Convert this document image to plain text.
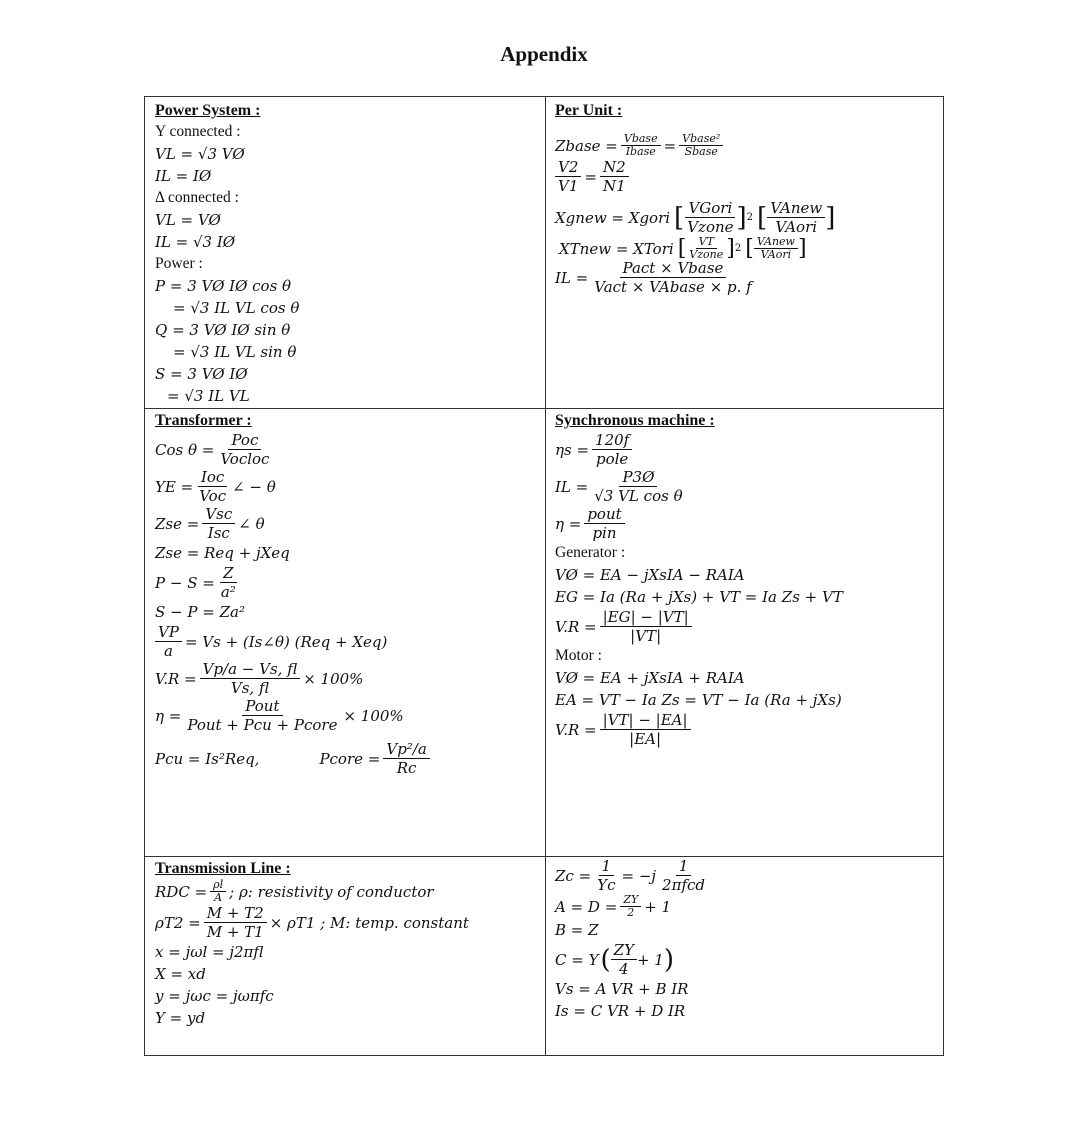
Appendix
Power System :
Y connected :
VL = √3 VØ
IL = IØ
Δ connected :
VL = VØ
IL = √3 IØ
Power :
P = 3 VØ IØ cos θ
= √3 IL VL cos θ
Q = 3 VØ IØ sin θ
= √3 IL VL sin θ
S = 3 VØ IØ
= √3 IL VL
Per Unit :
Zbase = $\frac{\text{Vbase}}{\text{Ibase}} = \frac{\text{Vbase²}}{\text{Sbase}}$
$\frac{V2}{V1} = \frac{N2}{N1}$
Xgnew = Xgori [ $\frac{\text{VGori}}{\text{Vzone}}$ ] 2 [ $\frac{\text{VAnew}}{\text{VAori}}$ ]
XTnew = XTori [ $\frac{VT}{\text{Vzone}}$ ] 2 [ $\frac{\text{VAnew}}{\text{VAori}}$ ]
IL = $\frac{\text{Pact × Vbase}}{\text{Vact × VAbase × p. f}}$
Transformer :
Cos $\theta = \frac{\text{Poc}}{\text{Vocloc}}$
YE = $\frac{\text{Ioc}}{\text{Voc}}$ ∠ − θ
Zse = $\frac{\text{Vsc}}{\text{Isc}}$ ∠ θ
Zse = Req + jXeq
$P - S = \frac{Z}{\text{a²}}$
S − P = Za²
$\frac{VP}{a} = Vs$ + (Is∠θ) (Req + Xeq)
$V.R = \frac{Vp/a - Vs, fl}{Vs, fl} \times 100\%$
$\eta = \frac{\text{Pout}}{\text{Pout + Pcu + Pcore}} \times 100\%$
Pcu = Is²Req,	Pcore = $\frac{\text{Vp²/a}}{Rc}$
Synchronous machine :
$\eta s = \frac{120f}{\text{pole}}$
IL = $\frac{P3Ø}{\text{√3 VL cos θ}}$
$\eta = \frac{\text{pout}}{\text{pin}}$
Generator :
VØ = EA − jXsIA − RAIA
EG = Ia (Ra + jXs) + VT = Ia Zs + VT
$V.R = \frac{|EG| - |VT|}{|VT|}$
Motor :
VØ = EA + jXsIA + RAIA
EA = VT − Ia Zs = VT − Ia (Ra + jXs)
$V.R = \frac{|VT| - |EA|}{|EA|}$
Transmission Line :
RDC = $\frac{\rho l}{A}$ ; ρ: resistivity of conductor
$\rho T2 = \frac{M + T2}{M + T1} \times \rho T1$ ; M: temp. constant
x = jωl = j2πfl
X = xd
y = jωc = jωπfc
Y = yd
$Zc = \frac{1}{Yc} = -j \frac{1}{\text{2πfcd}}$
$A = D = \frac{ZY}{2} + 1$
B = Z
C = Y ( $\frac{ZY}{4} + 1$ )
Vs = A VR + B IR
Is = C VR + D IR
